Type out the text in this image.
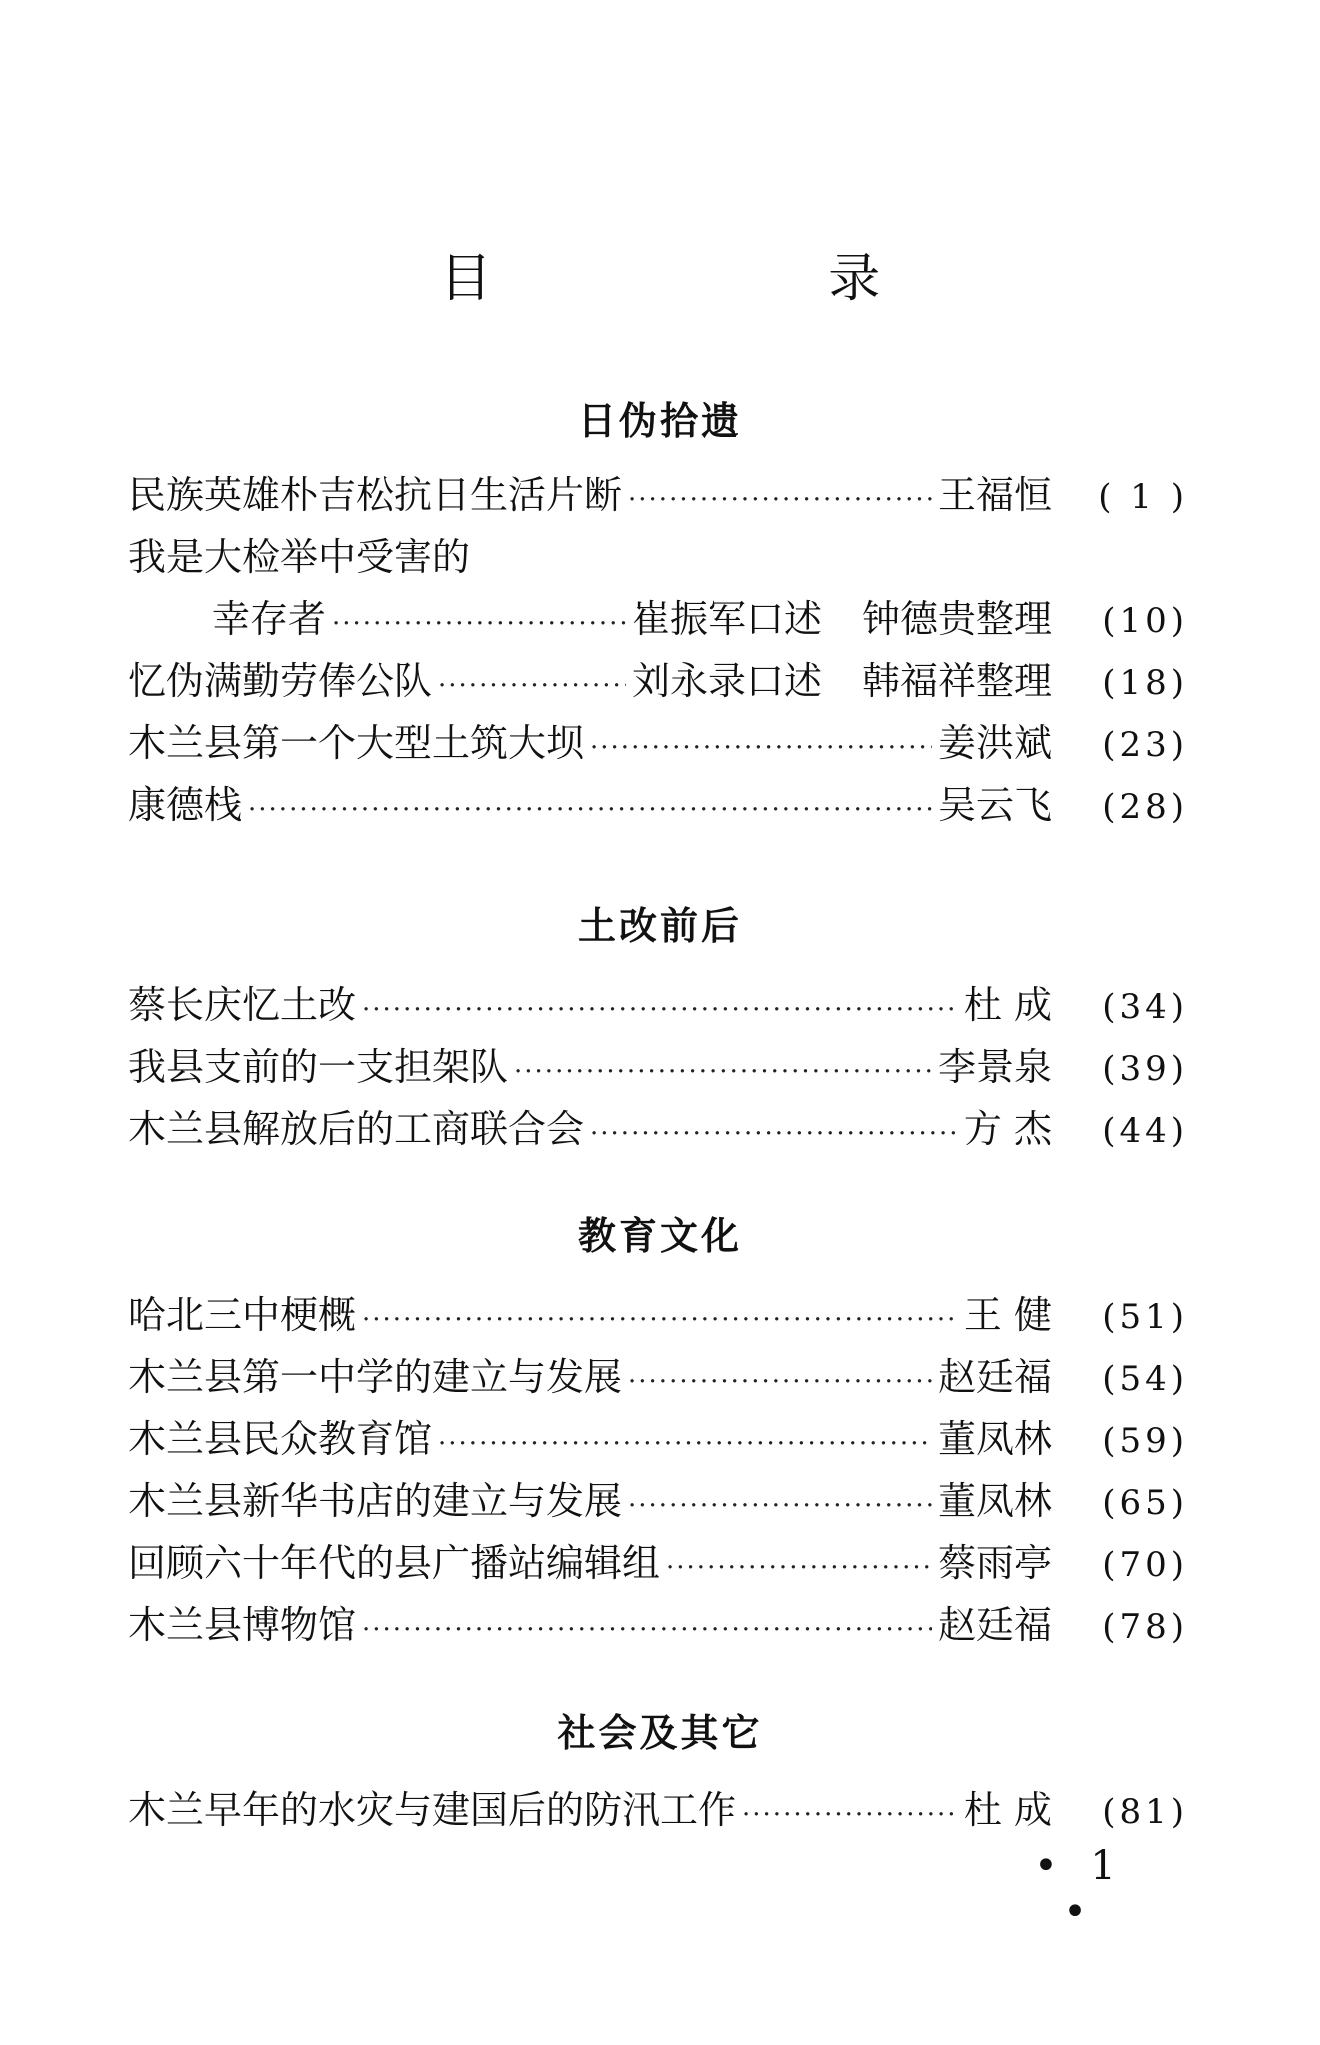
目 录
日伪拾遗
民族英雄朴吉松抗日生活片断 ·····	王福恒	( 1 )
我是大检举中受害的
幸存者 ·····	崔振军口述 钟德贵整理	(10)
忆伪满勤劳俸公队 ·····	刘永录口述 韩福祥整理	(18)
木兰县第一个大型土筑大坝 ·····	姜洪斌	(23)
康德栈 ·····	吴云飞	(28)
土改前后
蔡长庆忆土改 ·····	杜 成	(34)
我县支前的一支担架队 ·····	李景泉	(39)
木兰县解放后的工商联合会 ·····	方 杰	(44)
教育文化
哈北三中梗概 ·····	王 健	(51)
木兰县第一中学的建立与发展 ·····	赵廷福	(54)
木兰县民众教育馆 ·····	董凤林	(59)
木兰县新华书店的建立与发展 ·····	董凤林	(65)
回顾六十年代的县广播站编辑组 ·····	蔡雨亭	(70)
木兰县博物馆 ·····	赵廷福	(78)
社会及其它
木兰早年的水灾与建国后的防汛工作 ·····	杜 成	(81)
• 1 •
